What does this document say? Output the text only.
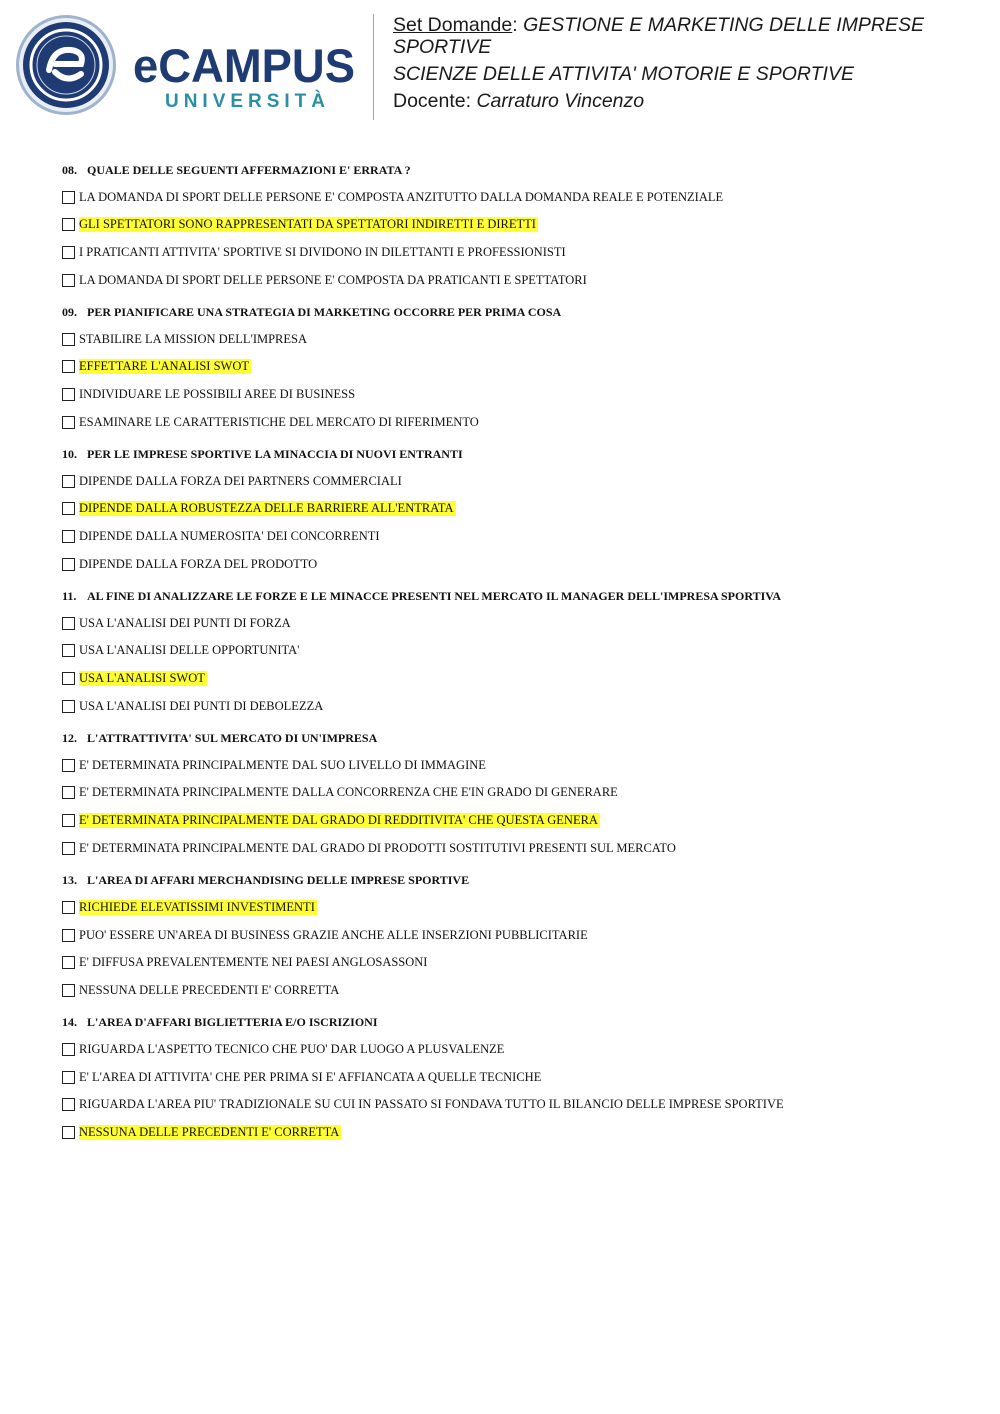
eCAMPUS
UNIVERSITÀ
Set Domande: GESTIONE E MARKETING DELLE IMPRESE SPORTIVE
SCIENZE DELLE ATTIVITA' MOTORIE E SPORTIVE
Docente: Carraturo Vincenzo
08. QUALE DELLE SEGUENTI AFFERMAZIONI E' ERRATA ?
LA DOMANDA DI SPORT DELLE PERSONE E' COMPOSTA ANZITUTTO DALLA DOMANDA REALE E POTENZIALE
GLI SPETTATORI SONO RAPPRESENTATI DA SPETTATORI INDIRETTI E DIRETTI
I PRATICANTI ATTIVITA' SPORTIVE SI DIVIDONO IN DILETTANTI E PROFESSIONISTI
LA DOMANDA DI SPORT DELLE PERSONE E' COMPOSTA DA PRATICANTI E SPETTATORI
09. PER PIANIFICARE UNA STRATEGIA DI MARKETING OCCORRE PER PRIMA COSA
STABILIRE LA MISSION DELL'IMPRESA
EFFETTARE L'ANALISI SWOT
INDIVIDUARE LE POSSIBILI AREE DI BUSINESS
ESAMINARE LE CARATTERISTICHE DEL MERCATO DI RIFERIMENTO
10. PER LE IMPRESE SPORTIVE LA MINACCIA DI NUOVI ENTRANTI
DIPENDE DALLA FORZA DEI PARTNERS COMMERCIALI
DIPENDE DALLA ROBUSTEZZA DELLE BARRIERE ALL'ENTRATA
DIPENDE DALLA NUMEROSITA' DEI CONCORRENTI
DIPENDE DALLA FORZA DEL PRODOTTO
11. AL FINE DI ANALIZZARE LE FORZE E LE MINACCE PRESENTI NEL MERCATO IL MANAGER DELL'IMPRESA SPORTIVA
USA L'ANALISI DEI PUNTI DI FORZA
USA L'ANALISI DELLE OPPORTUNITA'
USA L'ANALISI SWOT
USA L'ANALISI DEI PUNTI DI DEBOLEZZA
12. L'ATTRATTIVITA' SUL MERCATO DI UN'IMPRESA
E' DETERMINATA PRINCIPALMENTE DAL SUO LIVELLO DI IMMAGINE
E' DETERMINATA PRINCIPALMENTE DALLA CONCORRENZA CHE E'IN GRADO DI GENERARE
E' DETERMINATA PRINCIPALMENTE DAL GRADO DI REDDITIVITA' CHE QUESTA GENERA
E' DETERMINATA PRINCIPALMENTE DAL GRADO DI PRODOTTI SOSTITUTIVI PRESENTI SUL MERCATO
13. L'AREA DI AFFARI MERCHANDISING DELLE IMPRESE SPORTIVE
RICHIEDE ELEVATISSIMI INVESTIMENTI
PUO' ESSERE UN'AREA DI BUSINESS GRAZIE ANCHE ALLE INSERZIONI PUBBLICITARIE
E' DIFFUSA PREVALENTEMENTE NEI PAESI ANGLOSASSONI
NESSUNA DELLE PRECEDENTI E' CORRETTA
14. L'AREA D'AFFARI BIGLIETTERIA E/O ISCRIZIONI
RIGUARDA L'ASPETTO TECNICO CHE PUO' DAR LUOGO A PLUSVALENZE
E' L'AREA DI ATTIVITA' CHE PER PRIMA SI E' AFFIANCATA A QUELLE TECNICHE
RIGUARDA L'AREA PIU' TRADIZIONALE SU CUI IN PASSATO SI FONDAVA TUTTO IL BILANCIO DELLE IMPRESE SPORTIVE
NESSUNA DELLE PRECEDENTI E' CORRETTA
